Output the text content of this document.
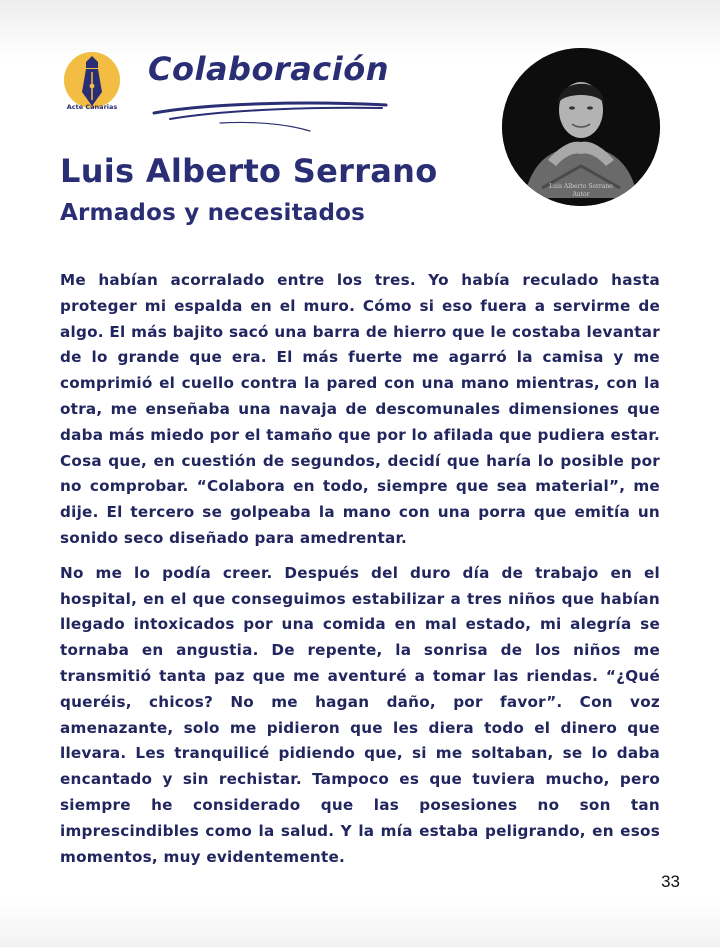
Acte Canarias
Colaboración
Luis Alberto Serrano
Armados y necesitados
Luis Alberto Serrano
Autor

Me habían acorralado entre los tres. Yo había reculado hasta proteger mi espalda en el muro. Cómo si eso fuera a servirme de algo. El más bajito sacó una barra de hierro que le costaba levantar de lo grande que era. El más fuerte me agarró la camisa y me comprimió el cuello contra la pared con una mano mientras, con la otra, me enseñaba una navaja de descomunales dimensiones que daba más miedo por el tamaño que por lo afilada que pudiera estar. Cosa que, en cuestión de segundos, decidí que haría lo posible por no comprobar. “Colabora en todo, siempre que sea material”, me dije. El tercero se golpeaba la mano con una porra que emitía un sonido seco diseñado para amedrentar.

No me lo podía creer. Después del duro día de trabajo en el hospital, en el que conseguimos estabilizar a tres niños que habían llegado intoxicados por una comida en mal estado, mi alegría se tornaba en angustia. De repente, la sonrisa de los niños me transmitió tanta paz que me aventuré a tomar las riendas. “¿Qué queréis, chicos? No me hagan daño, por favor”. Con voz amenazante, solo me pidieron que les diera todo el dinero que llevara. Les tranquilicé pidiendo que, si me soltaban, se lo daba encantado y sin rechistar. Tampoco es que tuviera mucho, pero siempre he considerado que las posesiones no son tan imprescindibles como la salud. Y la mía estaba peligrando, en esos momentos, muy evidentemente.

33
